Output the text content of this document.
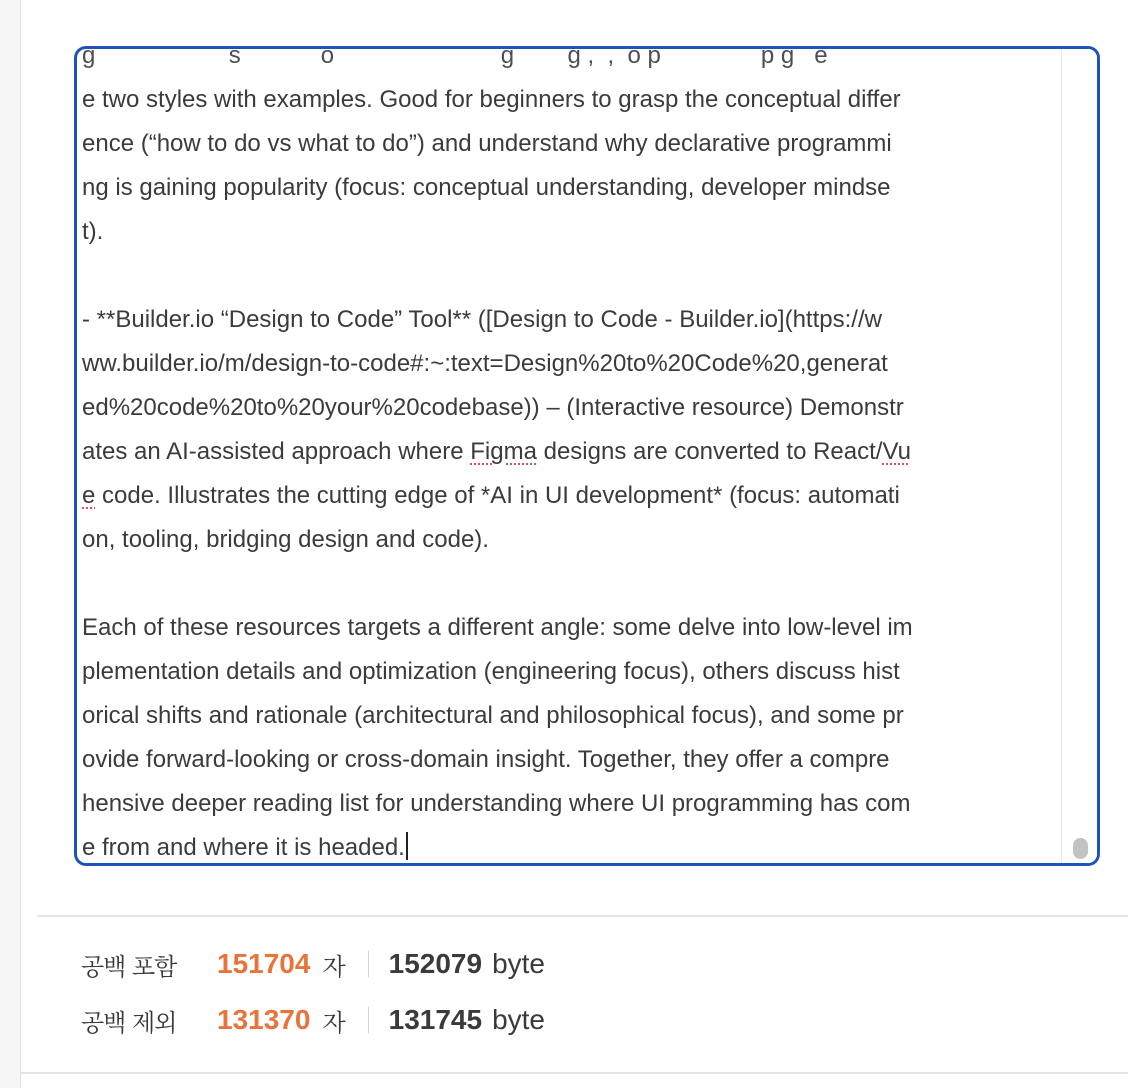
g                    s            o                         g        g ,  ,  o p               p g   e
e two styles with examples. Good for beginners to grasp the conceptual differ
ence (“how to do vs what to do”) and understand why declarative programmi
ng is gaining popularity (focus: conceptual understanding, developer mindse
t).

- **Builder.io “Design to Code” Tool** ([Design to Code - Builder.io](https://w
ww.builder.io/m/design-to-code#:~:text=Design%20to%20Code%20,generat
ed%20code%20to%20your%20codebase)) – (Interactive resource) Demonstr
ates an AI-assisted approach where Figma designs are converted to React/Vu
e code. Illustrates the cutting edge of *AI in UI development* (focus: automati
on, tooling, bridging design and code).

Each of these resources targets a different angle: some delve into low-level im
plementation details and optimization (engineering focus), others discuss hist
orical shifts and rationale (architectural and philosophical focus), and some pr
ovide forward-looking or cross-domain insight. Together, they offer a compre
hensive deeper reading list for understanding where UI programming has com
e from and where it is headed.
공백 포함	151704 자 152079 byte
공백 제외	131370 자 131745 byte
